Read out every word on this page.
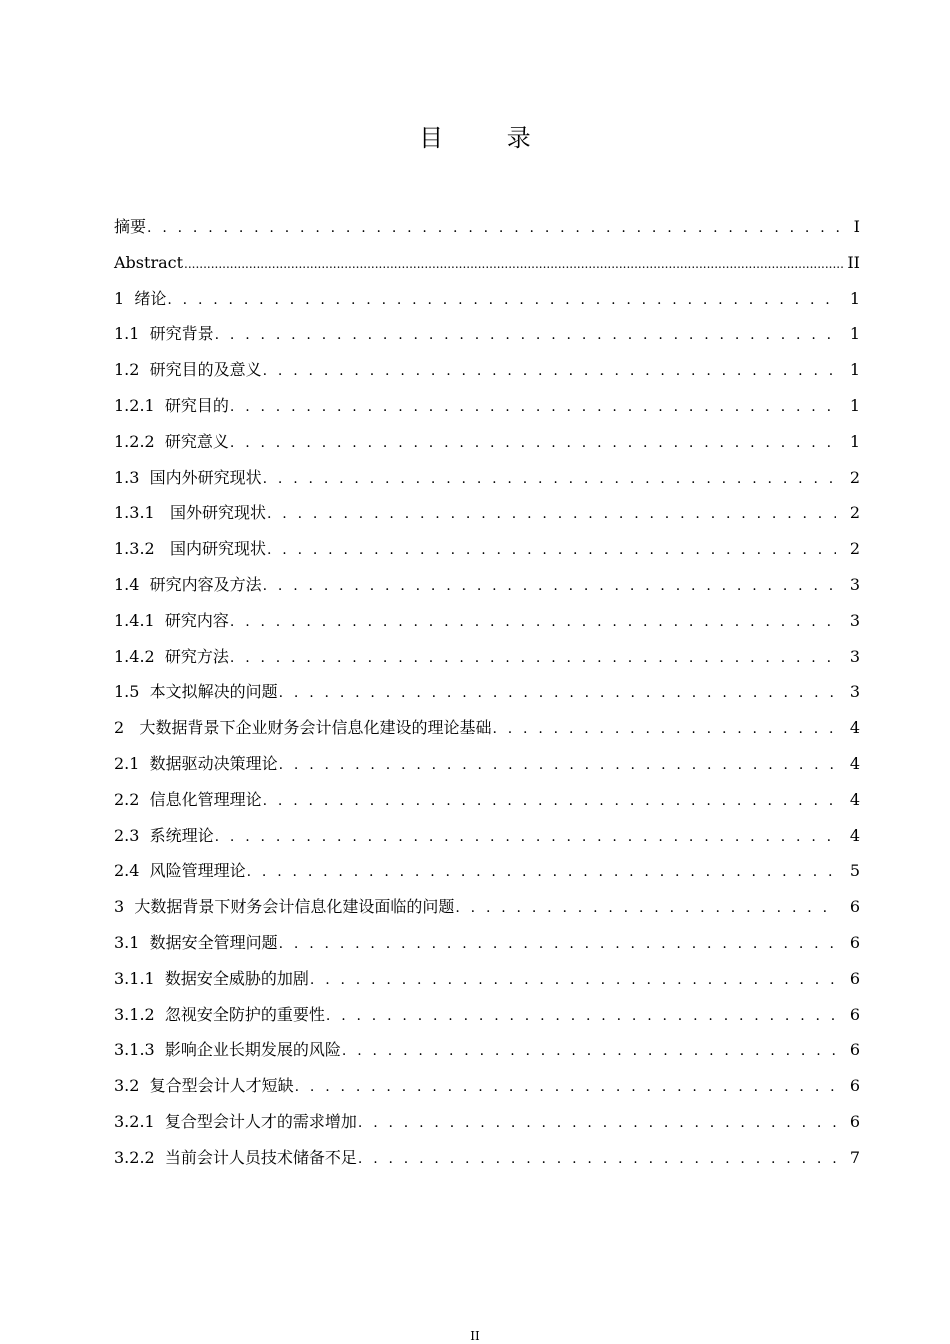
目 录
摘要 . . .	I
Abstract .....	II
1  绪论 . . .	1
1.1  研究背景 . . .	1
1.2  研究目的及意义 . . .	1
1.2.1  研究目的 . . .	1
1.2.2  研究意义 . . .	1
1.3  国内外研究现状 . . .	2
1.3.1   国外研究现状 . . .	2
1.3.2   国内研究现状 . . .	2
1.4  研究内容及方法 . . .	3
1.4.1  研究内容 . . .	3
1.4.2  研究方法 . . .	3
1.5  本文拟解决的问题 . . .	3
2   大数据背景下企业财务会计信息化建设的理论基础 . . .	4
2.1  数据驱动决策理论 . . .	4
2.2  信息化管理理论 . . .	4
2.3  系统理论 . . .	4
2.4  风险管理理论 . . .	5
3  大数据背景下财务会计信息化建设面临的问题 . . .	6
3.1  数据安全管理问题 . . .	6
3.1.1  数据安全威胁的加剧 . . .	6
3.1.2  忽视安全防护的重要性 . . .	6
3.1.3  影响企业长期发展的风险 . . .	6
3.2  复合型会计人才短缺 . . .	6
3.2.1  复合型会计人才的需求增加 . . .	6
3.2.2  当前会计人员技术储备不足 . . .	7
II
